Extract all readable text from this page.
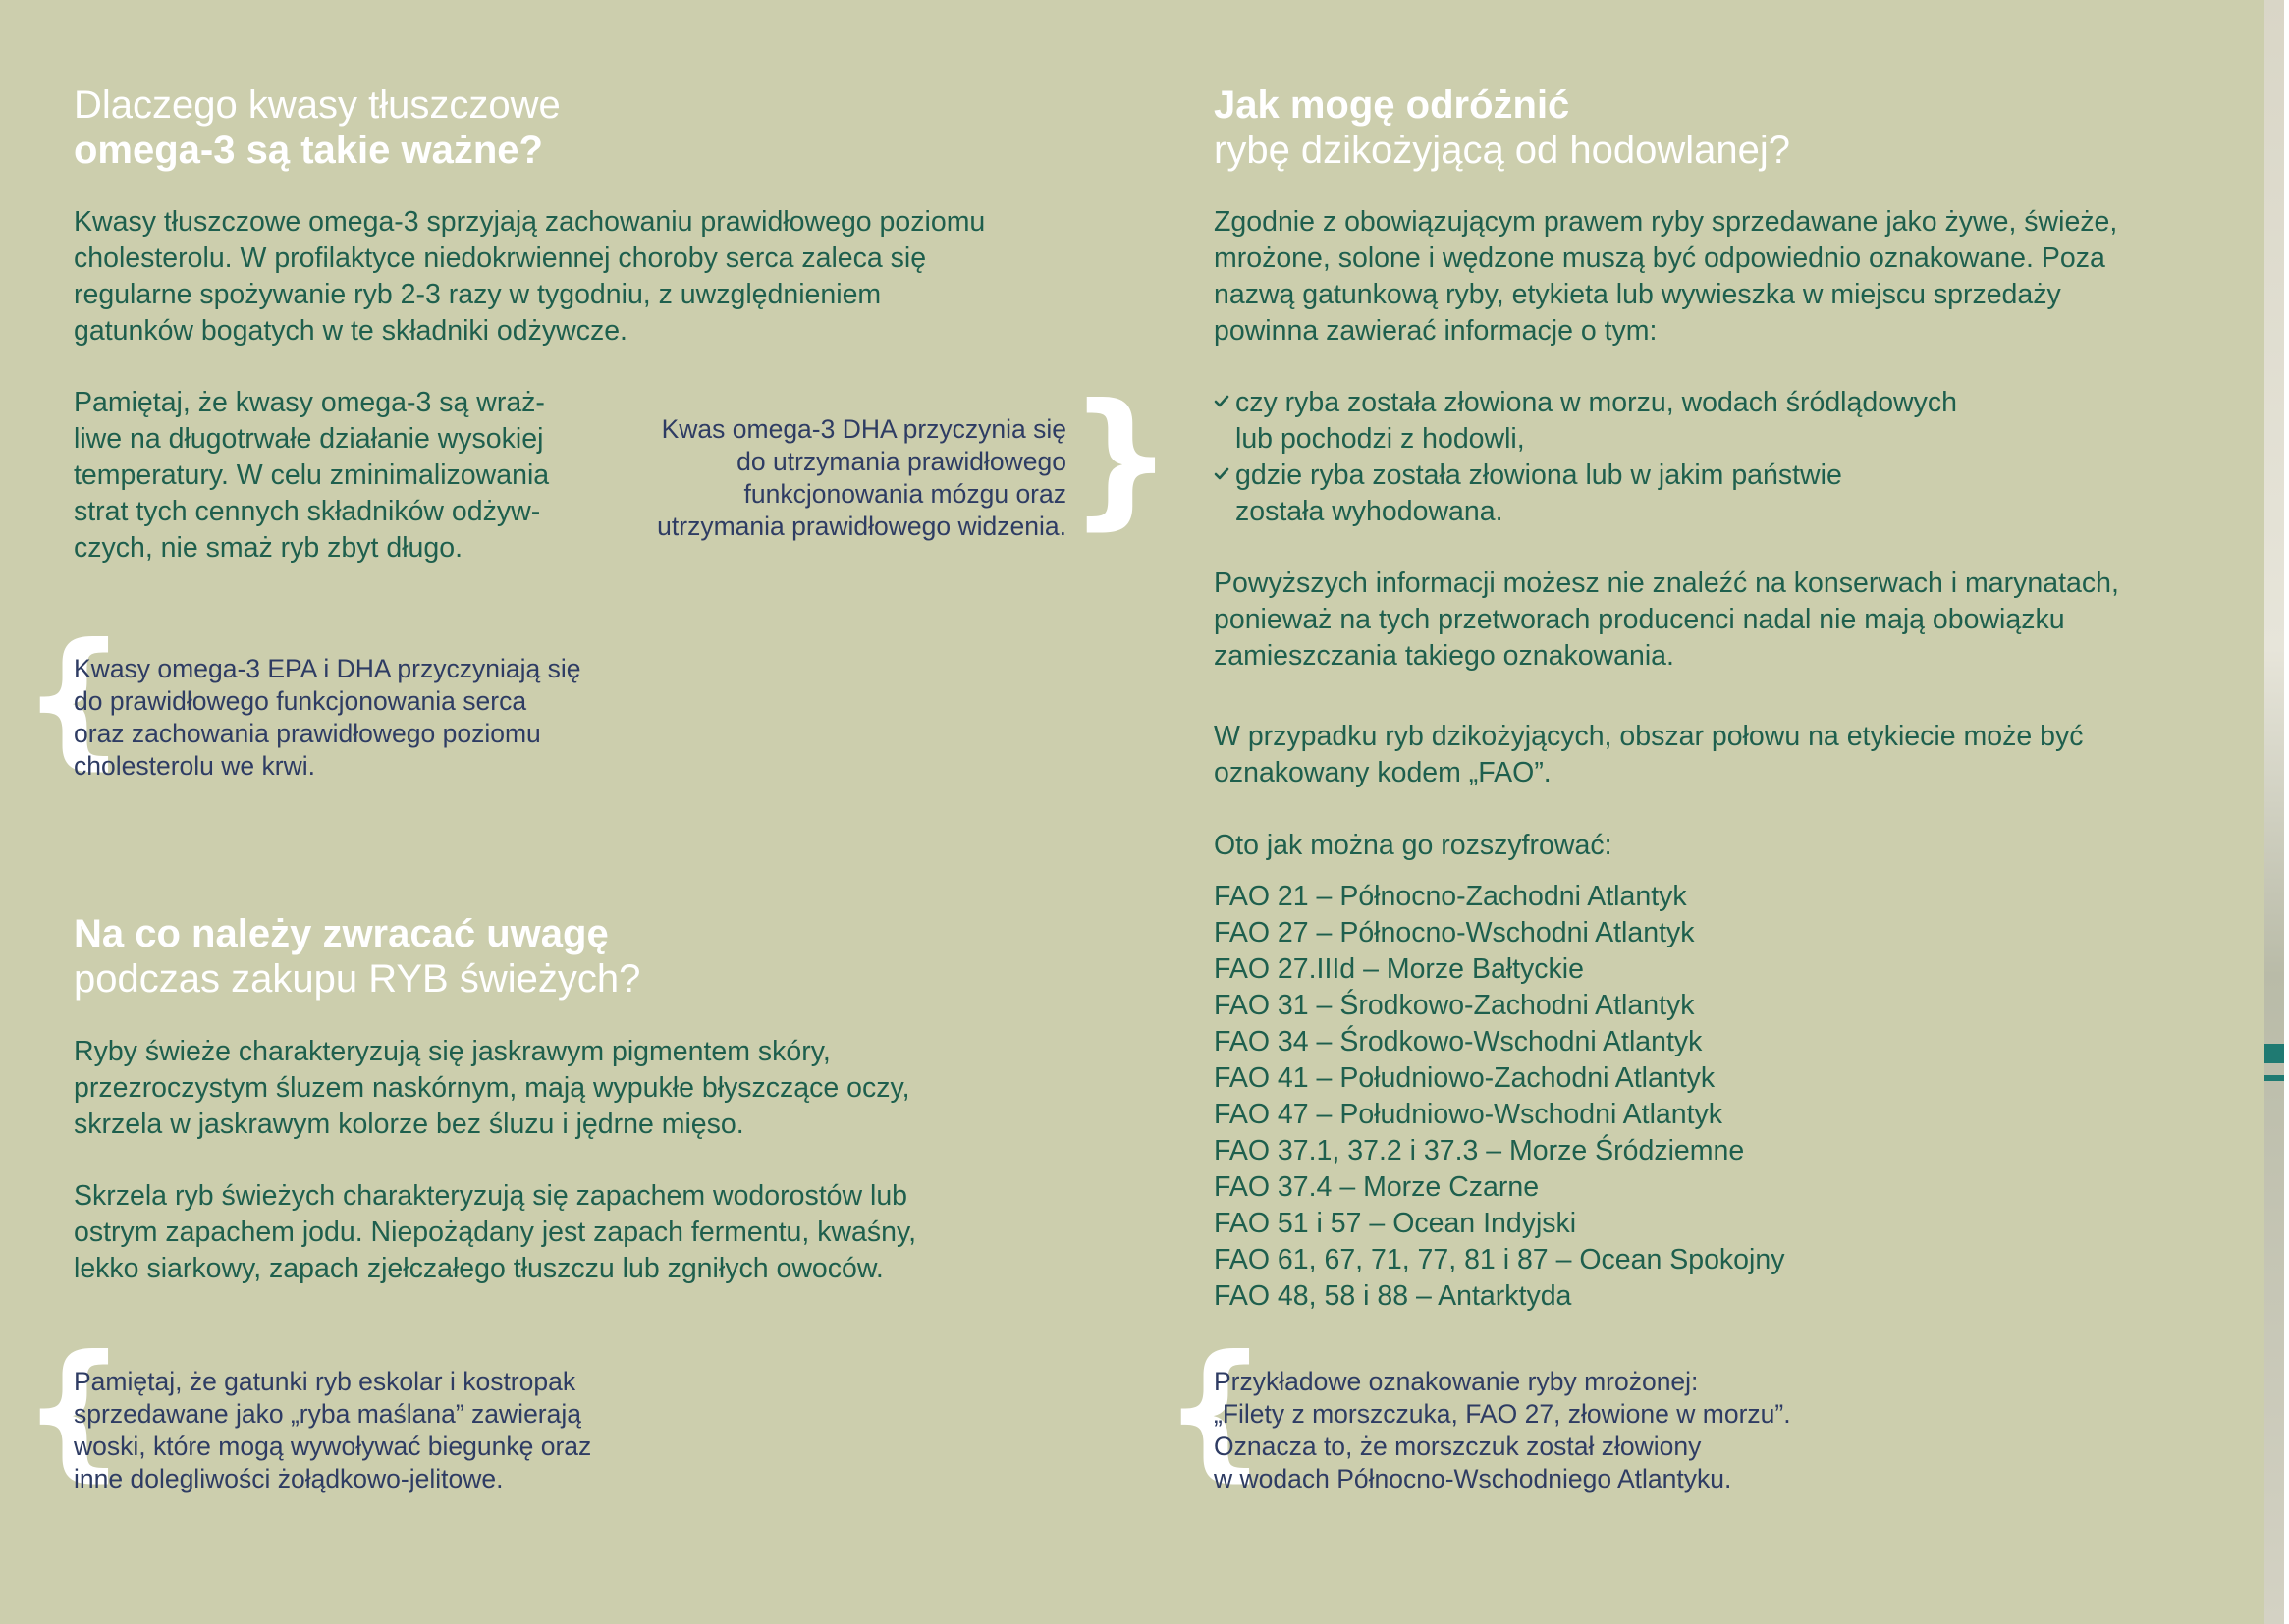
Dlaczego kwasy tłuszczowe
omega-3 są takie ważne?

Kwasy tłuszczowe omega-3 sprzyjają zachowaniu prawidłowego poziomu

cholesterolu. W profilaktyce niedokrwiennej choroby serca zaleca się

regularne spożywanie ryb 2-3 razy w tygodniu, z uwzględnieniem

gatunków bogatych w te składniki odżywcze.

Pamiętaj, że kwasy omega-3 są wraż-

liwe na długotrwałe działanie wysokiej

temperatury. W celu zminimalizowania

strat tych cennych składników odżyw-

czych, nie smaż ryb zbyt długo.

Kwas omega-3 DHA przyczynia się

do utrzymania prawidłowego

funkcjonowania mózgu oraz

utrzymania prawidłowego widzenia. }
{

Kwasy omega-3 EPA i DHA przyczyniają się

do prawidłowego funkcjonowania serca

oraz zachowania prawidłowego poziomu

cholesterolu we krwi.

Na co należy zwracać uwagę
podczas zakupu RYB świeżych?

Ryby świeże charakteryzują się jaskrawym pigmentem skóry,

przezroczystym śluzem naskórnym, mają wypukłe błyszczące oczy,

skrzela w jaskrawym kolorze bez śluzu i jędrne mięso.

Skrzela ryb świeżych charakteryzują się zapachem wodorostów lub

ostrym zapachem jodu. Niepożądany jest zapach fermentu, kwaśny,

lekko siarkowy, zapach zjełczałego tłuszczu lub zgniłych owoców.

{

Pamiętaj, że gatunki ryb eskolar i kostropak

sprzedawane jako „ryba maślana” zawierają

woski, które mogą wywoływać biegunkę oraz

inne dolegliwości żołądkowo-jelitowe.

Jak mogę odróżnić
rybę dzikożyjącą od hodowlanej?

Zgodnie z obowiązującym prawem ryby sprzedawane jako żywe, świeże,

mrożone, solone i wędzone muszą być odpowiednio oznakowane. Poza

nazwą gatunkową ryby, etykieta lub wywieszka w miejscu sprzedaży

powinna zawierać informacje o tym:

czy ryba została złowiona w morzu, wodach śródlądowych
lub pochodzi z hodowli,
gdzie ryba została złowiona lub w jakim państwie
została wyhodowana.

Powyższych informacji możesz nie znaleźć na konserwach i marynatach,

ponieważ na tych przetworach producenci nadal nie mają obowiązku

zamieszczania takiego oznakowania.

W przypadku ryb dzikożyjących, obszar połowu na etykiecie może być

oznakowany kodem „FAO”.

Oto jak można go rozszyfrować:

FAO 21 – Północno-Zachodni Atlantyk

FAO 27 – Północno-Wschodni Atlantyk

FAO 27.IIId – Morze Bałtyckie

FAO 31 – Środkowo-Zachodni Atlantyk

FAO 34 – Środkowo-Wschodni Atlantyk

FAO 41 – Południowo-Zachodni Atlantyk

FAO 47 – Południowo-Wschodni Atlantyk

FAO 37.1, 37.2 i 37.3 – Morze Śródziemne

FAO 37.4 – Morze Czarne

FAO 51 i 57 – Ocean Indyjski

FAO 61, 67, 71, 77, 81 i 87 – Ocean Spokojny

FAO 48, 58 i 88 – Antarktyda

{

Przykładowe oznakowanie ryby mrożonej:

„Filety z morszczuka, FAO 27, złowione w morzu”.

Oznacza to, że morszczuk został złowiony

w wodach Północno-Wschodniego Atlantyku.
